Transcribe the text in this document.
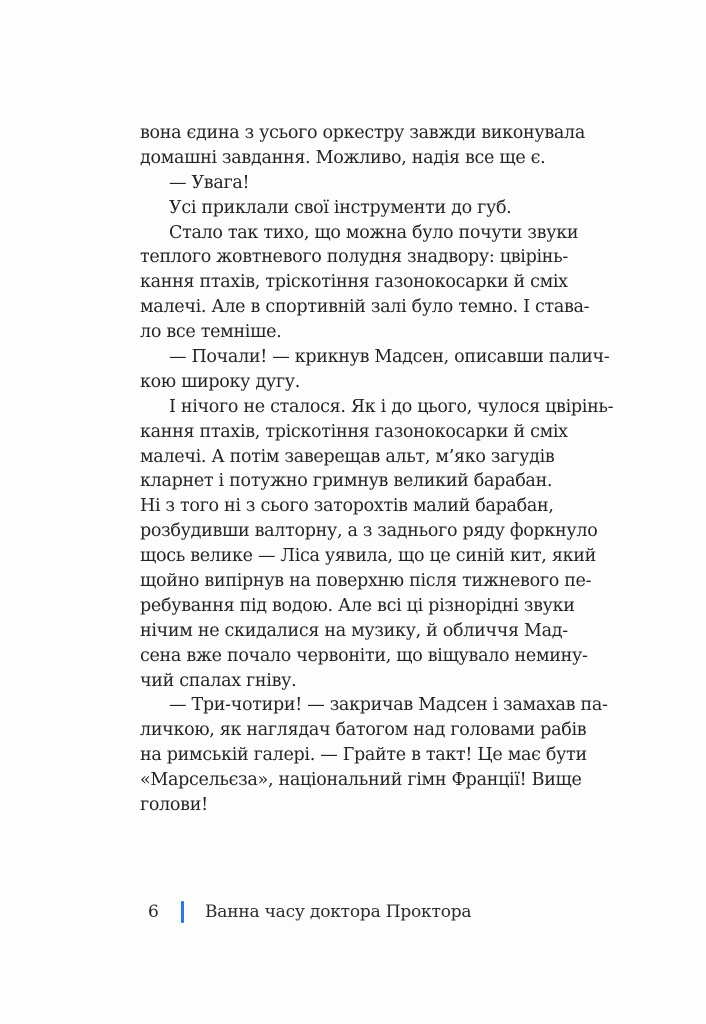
вона єдина з усього оркестру завжди виконувала
домашні завдання. Можливо, надія все ще є.
— Увага!
Усі приклали свої інструменти до губ.
Стало так тихо, що можна було почути звуки
теплого жовтневого полудня знадвору: цвірінь-
кання птахів, тріскотіння газонокосарки й сміх
малечі. Але в спортивній залі було темно. І става-
ло все темніше.
— Почали! — крикнув Мадсен, описавши палич-
кою широку дугу.
І нічого не сталося. Як і до цього, чулося цвірінь-
кання птахів, тріскотіння газонокосарки й сміх
малечі. А потім заверещав альт, м’яко загудів
кларнет і потужно гримнув великий барабан.
Ні з того ні з сього заторохтів малий барабан,
розбудивши валторну, а з заднього ряду форкнуло
щось велике — Ліса уявила, що це синій кит, який
щойно випірнув на поверхню після тижневого пе-
ребування під водою. Але всі ці різнорідні звуки
нічим не скидалися на музику, й обличчя Мад-
сена вже почало червоніти, що віщувало немину-
чий спалах гніву.
— Три-чотири! — закричав Мадсен і замахав па-
личкою, як наглядач батогом над головами рабів
на римській галері. — Грайте в такт! Це має бути
«Марсельєза», національний гімн Франції! Вище
голови!
6	Ванна часу доктора Проктора
